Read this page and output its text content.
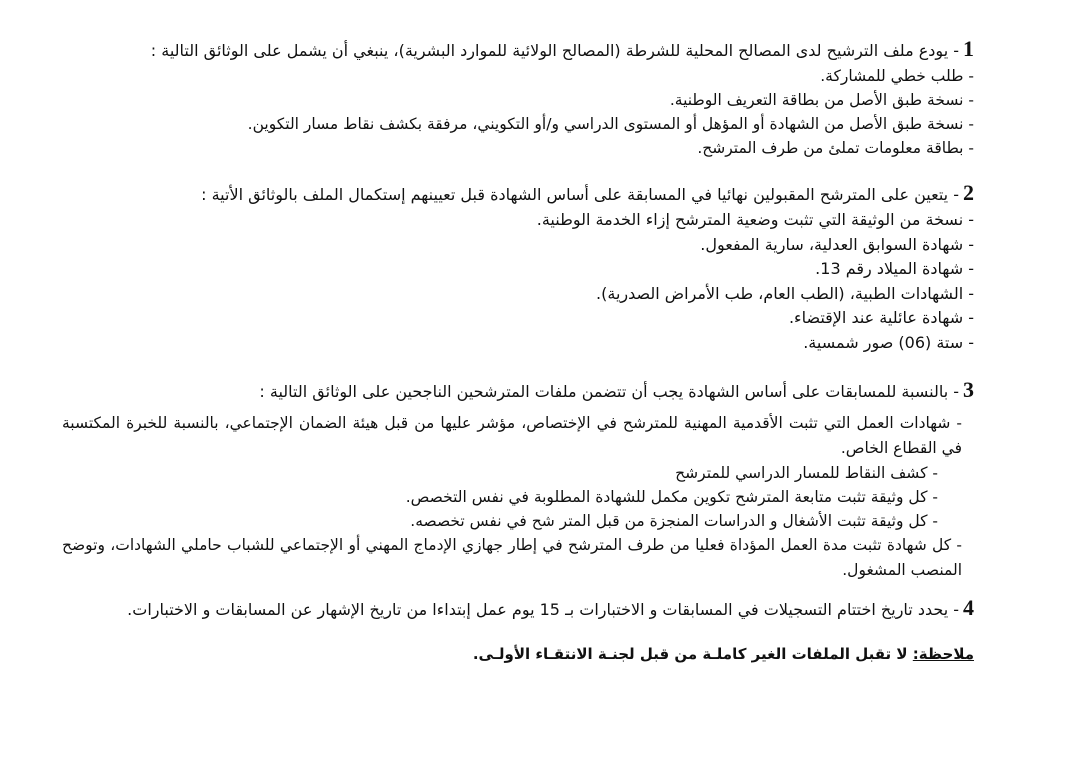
1- يودع ملف الترشيح لدى المصالح المحلية للشرطة (المصالح الولائية للموارد البشرية)، ينبغي أن يشمل على الوثائق التالية :
- طلب خطي للمشاركة.
- نسخة طبق الأصل من بطاقة التعريف الوطنية.
- نسخة طبق الأصل من الشهادة أو المؤهل أو المستوى الدراسي و/أو التكويني، مرفقة بكشف نقاط مسار التكوين.
- بطاقة معلومات تملئ من طرف المترشح.
2- يتعين على المترشح المقبولين نهائيا في المسابقة على أساس الشهادة قبل تعيينهم إستكمال الملف بالوثائق الأتية :
- نسخة من الوثيقة التي تثبت وضعية المترشح إزاء الخدمة الوطنية.
- شهادة السوابق العدلية، سارية المفعول.
- شهادة الميلاد رقم 13.
- الشهادات الطبية، (الطب العام، طب الأمراض الصدرية).
- شهادة عائلية عند الإقتضاء.
- ستة (06) صور شمسية.
3- بالنسبة للمسابقات على أساس الشهادة يجب أن تتضمن ملفات المترشحين الناجحين على الوثائق التالية :
- شهادات العمل التي تثبت الأقدمية المهنية للمترشح في الإختصاص، مؤشر عليها من قبل هيئة الضمان الإجتماعي، بالنسبة للخبرة المكتسبة في القطاع الخاص.
- كشف النقاط للمسار الدراسي للمترشح
- كل وثيقة تثبت متابعة المترشح تكوين مكمل للشهادة المطلوبة في نفس التخصص.
- كل وثيقة تثبت الأشغال و الدراسات المنجزة من قبل المتر شح في نفس تخصصه.
- كل شهادة تثبت مدة العمل المؤداة فعليا من طرف المترشح في إطار جهازي الإدماج المهني أو الإجتماعي للشباب حاملي الشهادات، وتوضح المنصب المشغول.
4- يحدد تاريخ اختتام التسجيلات في المسابقات و الاختبارات بـ 15 يوم عمل إبتداءا من تاريخ الإشهار عن المسابقات و الاختبارات.
ملاحظة: لا تقبل الملفات الغير كاملـة من قبل لجنـة الانتقـاء الأولـى.
